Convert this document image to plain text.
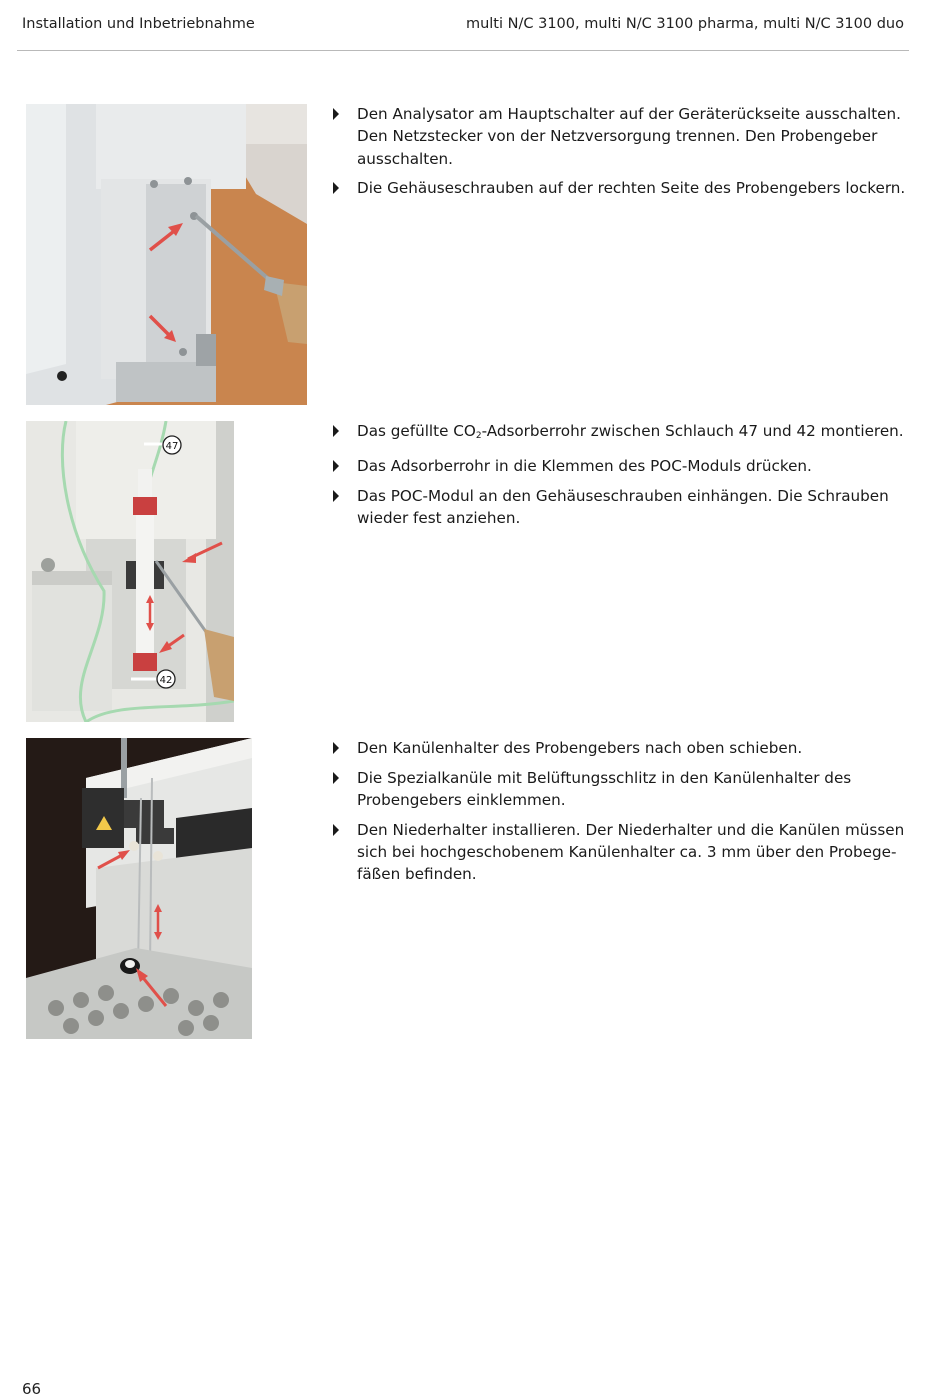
Installation und Inbetriebnahme	multi N/C 3100, multi N/C 3100 pharma, multi N/C 3100 duo
Den Analysator am Hauptschalter auf der Geräterückseite ausschalten. Den Netzstecker von der Netzversorgung trennen. Den Probengeber ausschalten.
Die Gehäuseschrauben auf der rechten Seite des Probengebers lockern.
47
42
Das gefüllte $CO_2$-Adsorberrohr zwischen Schlauch 47 und 42 montieren.
Das Adsorberrohr in die Klemmen des POC-Moduls drücken.
Das POC-Modul an den Gehäuseschrauben einhängen. Die Schrauben wieder fest anziehen.
Den Kanülenhalter des Probengebers nach oben schieben.
Die Spezialkanüle mit Belüftungsschlitz in den Kanülenhalter des Probengebers einklemmen.
Den Niederhalter installieren. Der Niederhalter und die Kanülen müssen sich bei hochgeschobenem Kanülenhalter ca. 3 mm über den Probegefäßen befinden.
66
